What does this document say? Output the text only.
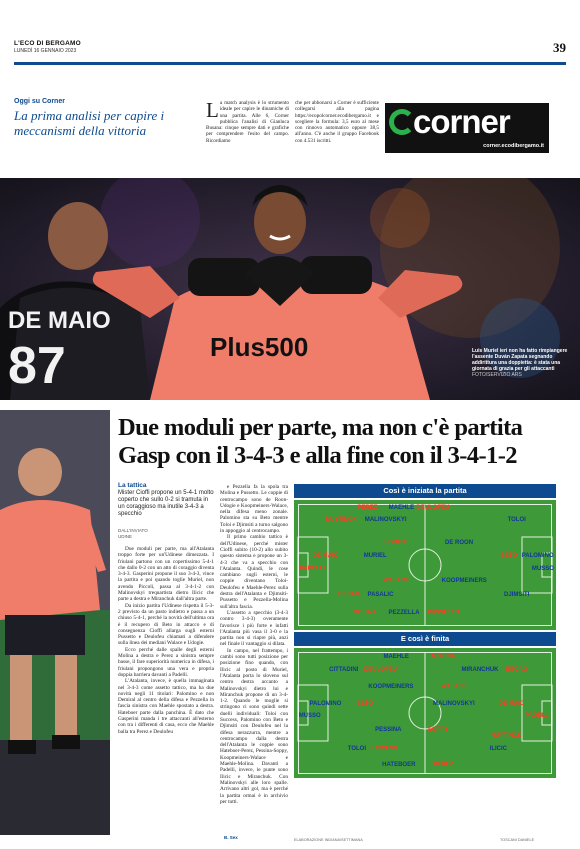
L'ECO DI BERGAMO
LUNEDÌ 16 GENNAIO 2023	39
Oggi su Corner
La prima analisi per capire i meccanismi della vittoria
La match analysis è lo strumento ideale per capire le dinamiche di una partita. Alle 6, Corner pubblica l'analisi di Gianluca Busana: cinque sempre dati e grafiche per comprendere l'esito del campo. Ricordiamo
che per abbonarsi a Corner è sufficiente collegarsi alla pagina https://ecopolcorner.ecodibergamo.it e scegliere la formula: 3,5 euro al mese con rinnovo automatico oppure 38,5 all'anno. C'è anche il gruppo Facebook con 4.531 iscritti.
corner
corner.ecodibergamo.it
DE MAIO
87	Plus500	Luis Muriel ieri non ha fatto rimpiangere l'assente Duván Zapata segnando addirittura una doppietta: è stata una giornata di grazia per gli attaccanti FOTO/SERVIZIO ARS
Due moduli per parte, ma non c'è partita
Gasp con il 3-4-3 e alla fine con il 3-4-1-2
La tattica
Mister Cioffi propone un 5-4-1 molto coperto che sullo 0-2 si tramuta in un coraggioso ma inutile 3-4-3 a specchio
DALL'INVIATO
UDINE

Due moduli per parte, ma all'Atalanta troppo forte per un'Udinese dimezzata. I friulani partono con un copertissimo 5-4-1 che dallo 0-2 con un atto di coraggio diventa 3-4-3. Gasperini propone il suo 3-4-3, vince la partita e poi quando toglie Muriel, non avendo Piccoli, passa al 3-4-1-2 con Malinovskyi trequartista dietro Ilicic che parte a destra e Miranchuk dall'altra parte.

Da inizio partita l'Udinese rispetta il 5-3-2 previsto da un pasto indietro e passa a un chiuso 5-4-1, perché la novità dell'ultima ora è il recupero di Beto in attacco e di conseguenza Cioffi allarga sugli esterni Pussetto e Deulofeu chiamati a difendere sulla linea dei mediani Walace e Udogie.

Ecco perché dalle spalle degli esterni Molina a destra e Perez a sinistra sempre basse, il fare superiorità numerica in difesa, i friulani propongono una vera e propria doppia barriera davanti a Padelli.

L'Atalanta, invece, è quella immaginata nel 3-4-3 come assetto tattico, ma ha due novità negli 11 titolari: Palomino e non Demiral al centro della difesa e Pezzella in fascia sinistra con Maehle spostato a destra. Hateboer parte dalla panchina. È dato che Gasperini manda i tre attaccanti all'esterno con tra i differenti di casa, ecco che Maehle balla tra Perez e Deulofeu

e Pezzella fa la spola tra Molina e Pussetto. Le coppie di centrocampo sono de Roon-Udogie e Koopmeiners-Walace, nella difesa meno zonale. Palomino sta su Beto mentre Toloi e Djimsiti a turno salgono in appoggio al centrocampo.

Il primo cambio tattico è dell'Udinese, perché mister Cioffi subito (10-2) allo subito questo sistema e propone un 3-4-3 che va a specchio con l'Atalanta. Quindi, le cose cambiano sugli esterni, le coppie diventano Toloi-Deulofeu e Maehle-Perez sulla destra dell'Atalanta e Djimsiti-Pussetto e Pezzella-Molina sull'altra fascia.

L'assetto a specchio (3-4-3 contro 3-4-3) overamente favorisce i più forte e infatti l'Atalanta più vasa il 3-0 e la partita non si riapre più, anzi nel finale il vantaggio si dilata.

In campo, nel frattempo, i cambi sono tutti posizione per posizione fino quando, con Ilicic al posto di Muriel, l'Atalanta porta lo sloveno sul centro destra accanto a Malinovskyi dietro lui e Miranchuk propone di un 3-4-1-2. Quando le moglie si stringono ci sono quindi sette duelli individuali: Toloi con Success, Palomino con Beto e Djimsiti con Deulofeu nel la difesa nerazzurra, mentre a centrocampo dalla destra dell'Atalanta le coppie sono Hateboer-Perez, Pessina-Soppy, Koopmeiners-Walace e Maehle-Molina. Davanti a Padelli, invece, le punte sono Ilicic e Miranchuk. Con Malinovskyi alle loro spalle. Arrivano altri gol, ma è perché la partita ormai è in archivio per tutti.

B. Sex
Così è iniziata la partita
PEREZ MAEHLE DEULOFEU
NUYTINCK MALINOVSKYI	TOLOI
UDOGIE	DE ROON
DE MAIO	MURIEL	BETO PALOMINO
PADELLI	MUSSO
WALACE	KOOPMEINERS
BECAO PASALIC	DJIMSITI
MOLINA PEZZELLA PUSSETTO
E così è finita
MAEHLE	MOLINA
CITTADINI DEULOFEU	MIRANCHUK BECAO
KOOPMEINERS	WALACE
PALOMINO	BETO	MALINOVSKYI	DE MAIO
MUSSO	PADELLI
PESSINA	SOPPY
NUYTINCK
TOLOI SUCCESS	ILICIC
HATEBOER	PEREZ
ELABORAZIONE INDIANA/SETTIMANA	TOSCANI DANIELE
